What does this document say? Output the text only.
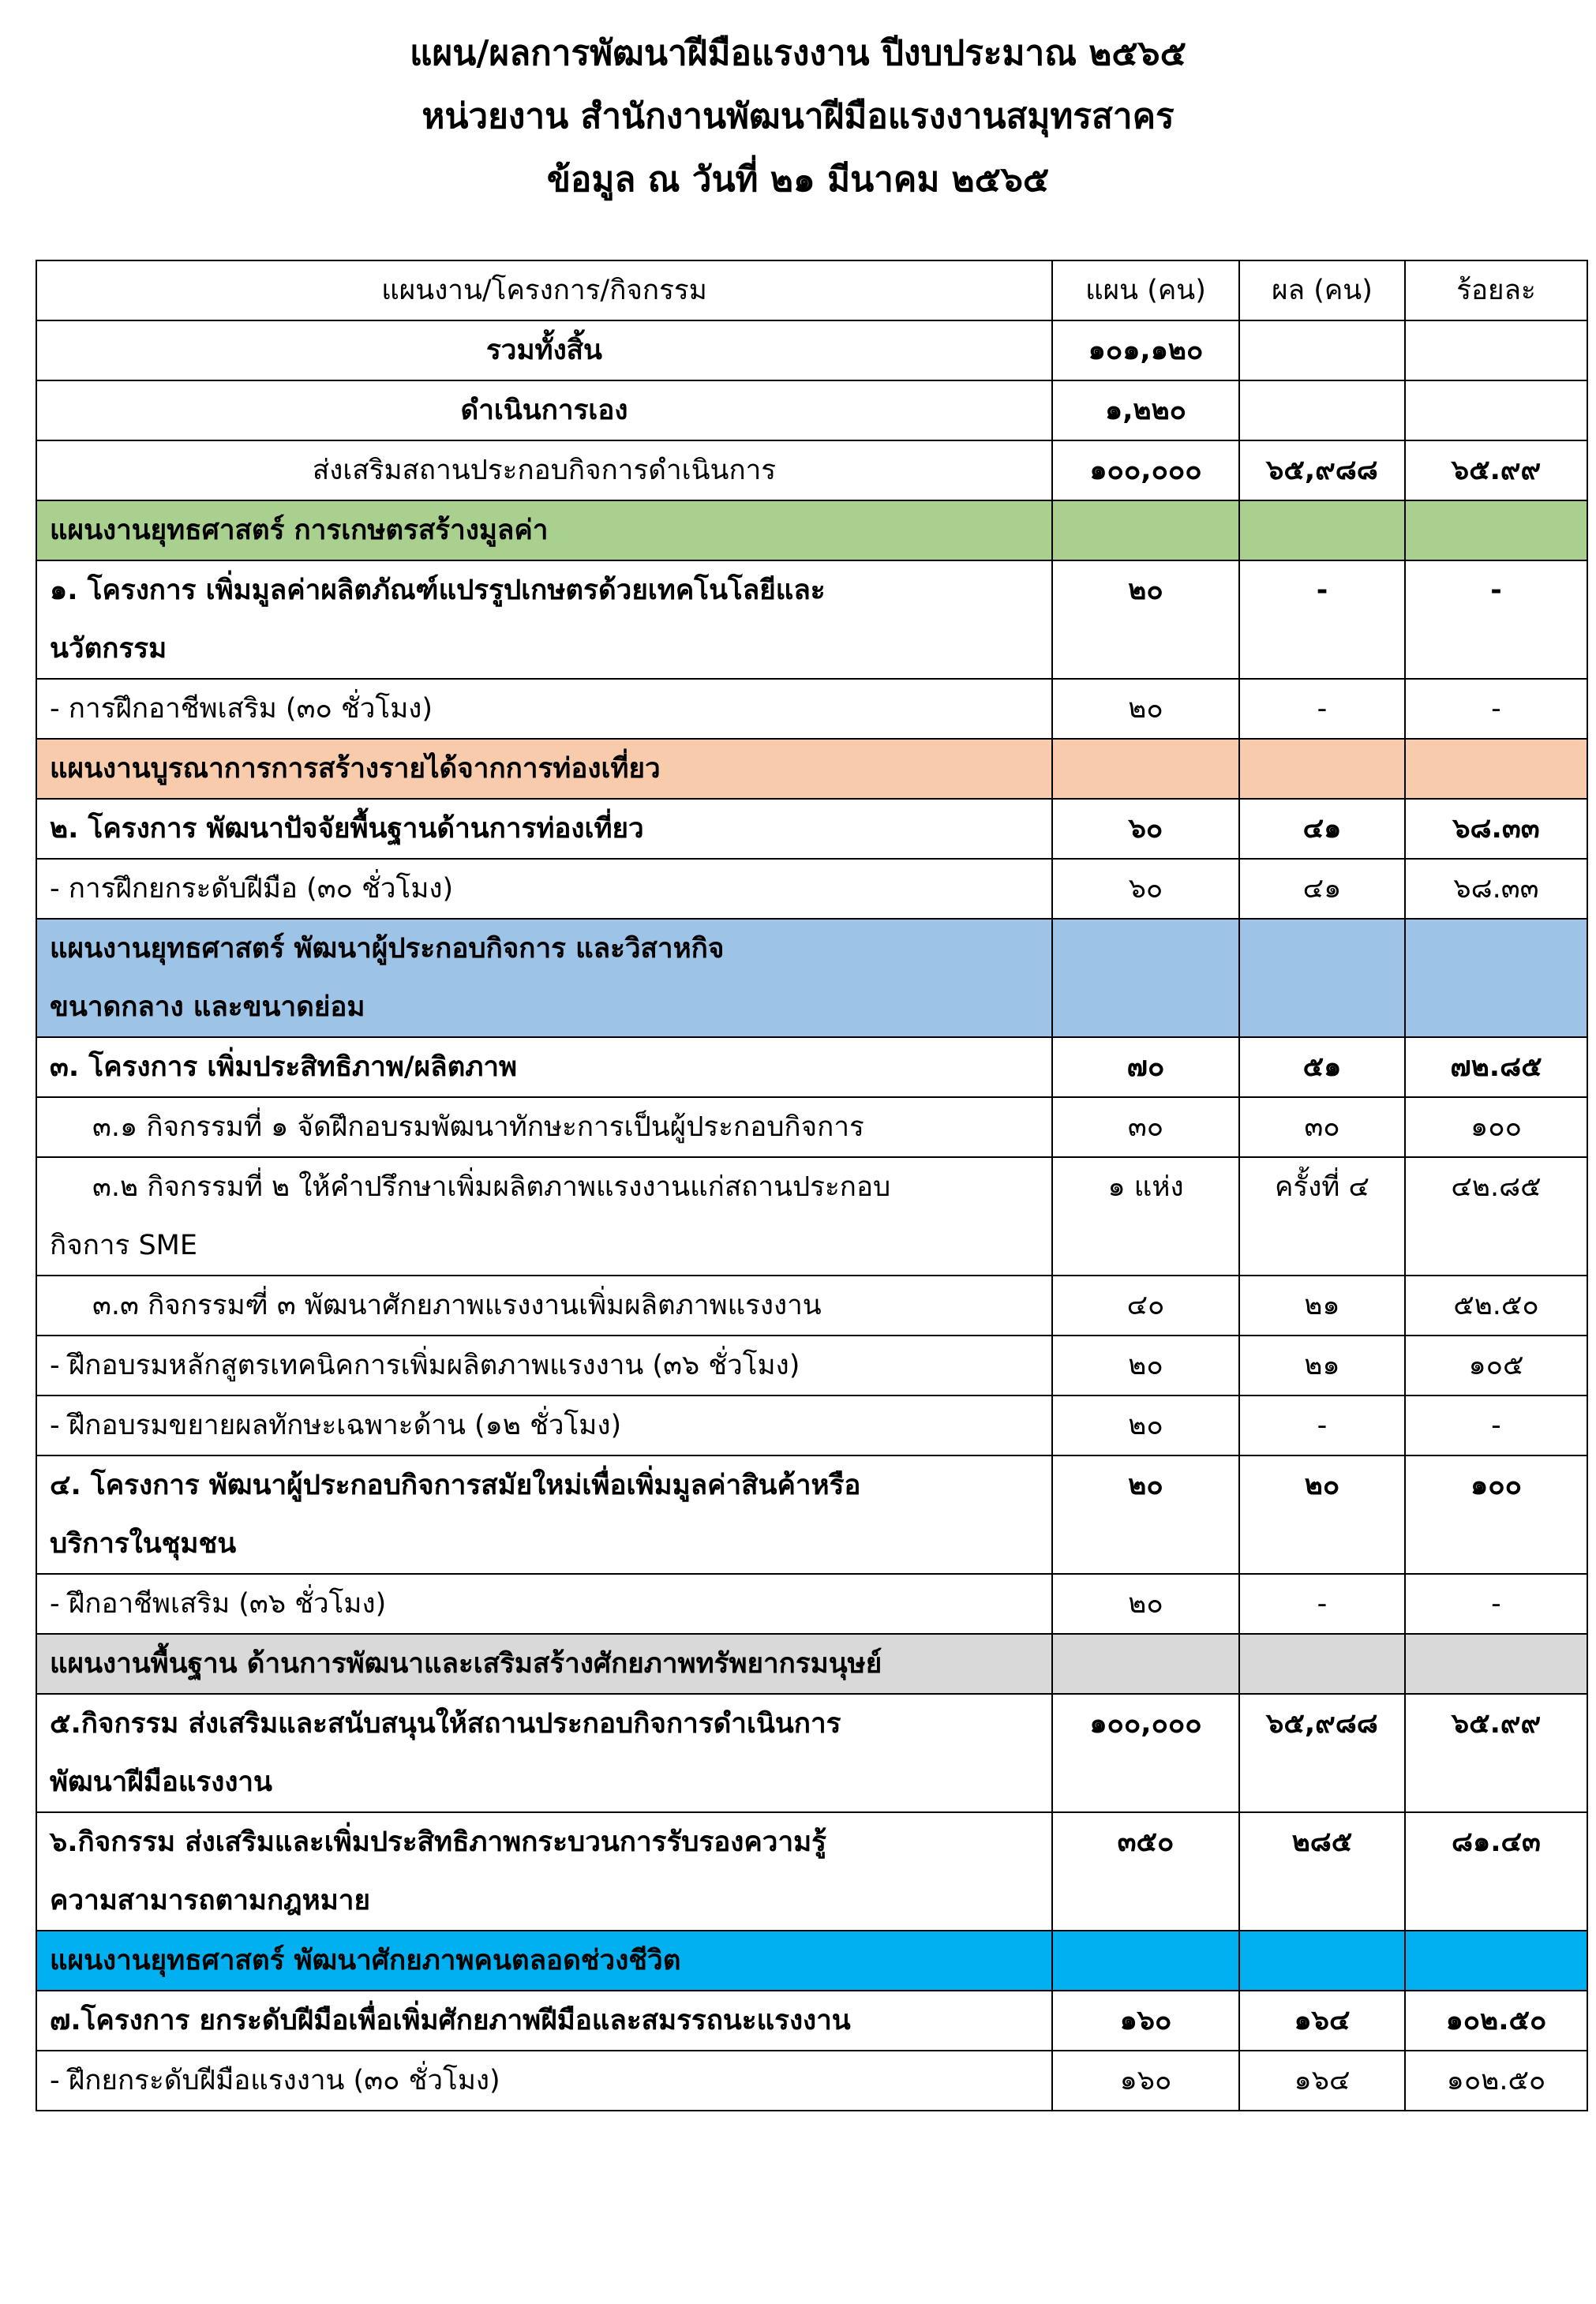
แผน/ผลการพัฒนาฝีมือแรงงาน ปีงบประมาณ ๒๕๖๕
หน่วยงาน สำนักงานพัฒนาฝีมือแรงงานสมุทรสาคร
ข้อมูล ณ วันที่ ๒๑ มีนาคม ๒๕๖๕
แผนงาน/โครงการ/กิจกรรม	แผน (คน)	ผล (คน)	ร้อยละ
รวมทั้งสิ้น	๑๐๑,๑๒๐		
ดำเนินการเอง	๑,๒๒๐		
ส่งเสริมสถานประกอบกิจการดำเนินการ	๑๐๐,๐๐๐	๖๕,๙๘๘	๖๕.๙๙
แผนงานยุทธศาสตร์ การเกษตรสร้างมูลค่า			

๑. โครงการ เพิ่มมูลค่าผลิตภัณฑ์แปรรูปเกษตรด้วยเทคโนโลยีและ
นวัตกรรม	๒๐	-	-
- การฝึกอาชีพเสริม (๓๐ ชั่วโมง)	๒๐	-	-
แผนงานบูรณาการการสร้างรายได้จากการท่องเที่ยว			
๒. โครงการ พัฒนาปัจจัยพื้นฐานด้านการท่องเที่ยว	๖๐	๔๑	๖๘.๓๓
- การฝึกยกระดับฝีมือ (๓๐ ชั่วโมง)	๖๐	๔๑	๖๘.๓๓

แผนงานยุทธศาสตร์ พัฒนาผู้ประกอบกิจการ และวิสาหกิจ
ขนาดกลาง และขนาดย่อม			

๓. โครงการ เพิ่มประสิทธิภาพ/ผลิตภาพ	๗๐	๕๑	๗๒.๘๕
๓.๑ กิจกรรมที่ ๑ จัดฝึกอบรมพัฒนาทักษะการเป็นผู้ประกอบกิจการ	๓๐	๓๐	๑๐๐

๓.๒ กิจกรรมที่ ๒ ให้คำปรึกษาเพิ่มผลิตภาพแรงงานแก่สถานประกอบ
กิจการ SME	๑ แห่ง	ครั้งที่ ๔	๔๒.๘๕
๓.๓ กิจกรรมฑี่ ๓ พัฒนาศักยภาพแรงงานเพิ่มผลิตภาพแรงงาน	๔๐	๒๑	๕๒.๕๐
- ฝึกอบรมหลักสูตรเทคนิคการเพิ่มผลิตภาพแรงงาน (๓๖ ชั่วโมง)	๒๐	๒๑	๑๐๕
- ฝึกอบรมขยายผลทักษะเฉพาะด้าน (๑๒ ชั่วโมง)	๒๐	-	-

๔. โครงการ พัฒนาผู้ประกอบกิจการสมัยใหม่เพื่อเพิ่มมูลค่าสินค้าหรือ
บริการในชุมชน	๒๐	๒๐	๑๐๐
- ฝึกอาชีพเสริม (๓๖ ชั่วโมง)	๒๐	-	-
แผนงานพื้นฐาน ด้านการพัฒนาและเสริมสร้างศักยภาพทรัพยากรมนุษย์			

๕.กิจกรรม ส่งเสริมและสนับสนุนให้สถานประกอบกิจการดำเนินการ
พัฒนาฝีมือแรงงาน	๑๐๐,๐๐๐	๖๕,๙๘๘	๖๕.๙๙

๖.กิจกรรม ส่งเสริมและเพิ่มประสิทธิภาพกระบวนการรับรองความรู้
ความสามารถตามกฎหมาย	๓๕๐	๒๘๕	๘๑.๔๓
แผนงานยุทธศาสตร์ พัฒนาศักยภาพคนตลอดช่วงชีวิต			
๗.โครงการ ยกระดับฝีมือเพื่อเพิ่มศักยภาพฝีมือและสมรรถนะแรงงาน	๑๖๐	๑๖๔	๑๐๒.๕๐
- ฝึกยกระดับฝีมือแรงงาน (๓๐ ชั่วโมง)	๑๖๐	๑๖๔	๑๐๒.๕๐
